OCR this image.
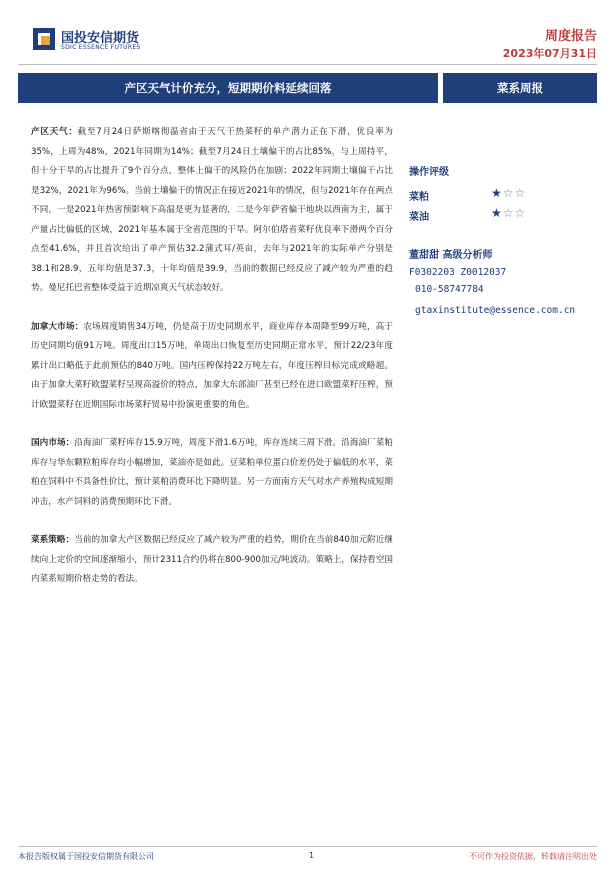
国投安信期货
SDIC ESSENCE FUTURES
周度报告
2023年07月31日
产区天气计价充分，短期期价料延续回落	菜系周报

产区天气：截至7月24日萨斯喀彻温省由于天气干热菜籽的单产潜力正在下滑，优良率为35%，上周为48%，2021年同期为14%；截至7月24日土壤偏干的占比85%，与上周持平，但十分干旱的占比提升了9个百分点，整体上偏干的风险仍在加剧；2022年同期土壤偏干占比是32%，2021年为96%。当前土壤偏干的情况正在接近2021年的情况，但与2021年存在两点不同，一是2021年热害预影响下高温是更为显著的，二是今年萨省偏干地块以西南为主，属于产量占比偏低的区域，2021年基本属于全省范围的干旱。阿尔伯塔省菜籽优良率下滑两个百分点至41.6%，并且首次给出了单产预估32.2蒲式耳/英亩，去年与2021年的实际单产分别是38.1和28.9，五年均值是37.3，十年均值是39.9，当前的数据已经反应了减产较为严重的趋势。曼尼托巴省整体受益于近期凉爽天气状态较好。

加拿大市场：农场周度销售34万吨，仍是高于历史同期水平，商业库存本周降至99万吨，高于历史同期均值91万吨。周度出口15万吨，单周出口恢复至历史同期正常水平，预计22/23年度累计出口略低于此前预估的840万吨。国内压榨保持22万吨左右，年度压榨目标完成或略超。由于加拿大菜籽欧盟菜籽呈现高溢价的特点，加拿大东部油厂甚至已经在进口欧盟菜籽压榨，预计欧盟菜籽在近期国际市场菜籽贸易中扮演更重要的角色。

国内市场：沿海油厂菜籽库存15.9万吨，周度下滑1.6万吨，库存连续三周下滑。沿海油厂菜粕库存与华东颗粒粕库存均小幅增加，菜油亦是如此。豆菜粕单位蛋白价差仍处于偏低的水平，菜粕在饲料中不具备性价比，预计菜粕消费环比下降明显。另一方面南方天气对水产养殖构成短期冲击，水产饲料的消费预期环比下滑。

菜系策略：当前的加拿大产区数据已经反应了减产较为严重的趋势，期价在当前840加元附近继续向上定价的空间逐渐缩小，预计2311合约仍将在800-900加元/吨波动。策略上，保持看空国内菜系短期价格走势的看法。

操作评级
菜粕	★☆☆
菜油	★☆☆
董甜甜 高级分析师
F0302203 Z0012037
010-58747784
gtaxinstitute@essence.com.cn
本报告版权属于国投安信期货有限公司	1	不可作为投资依据，转载请注明出处
